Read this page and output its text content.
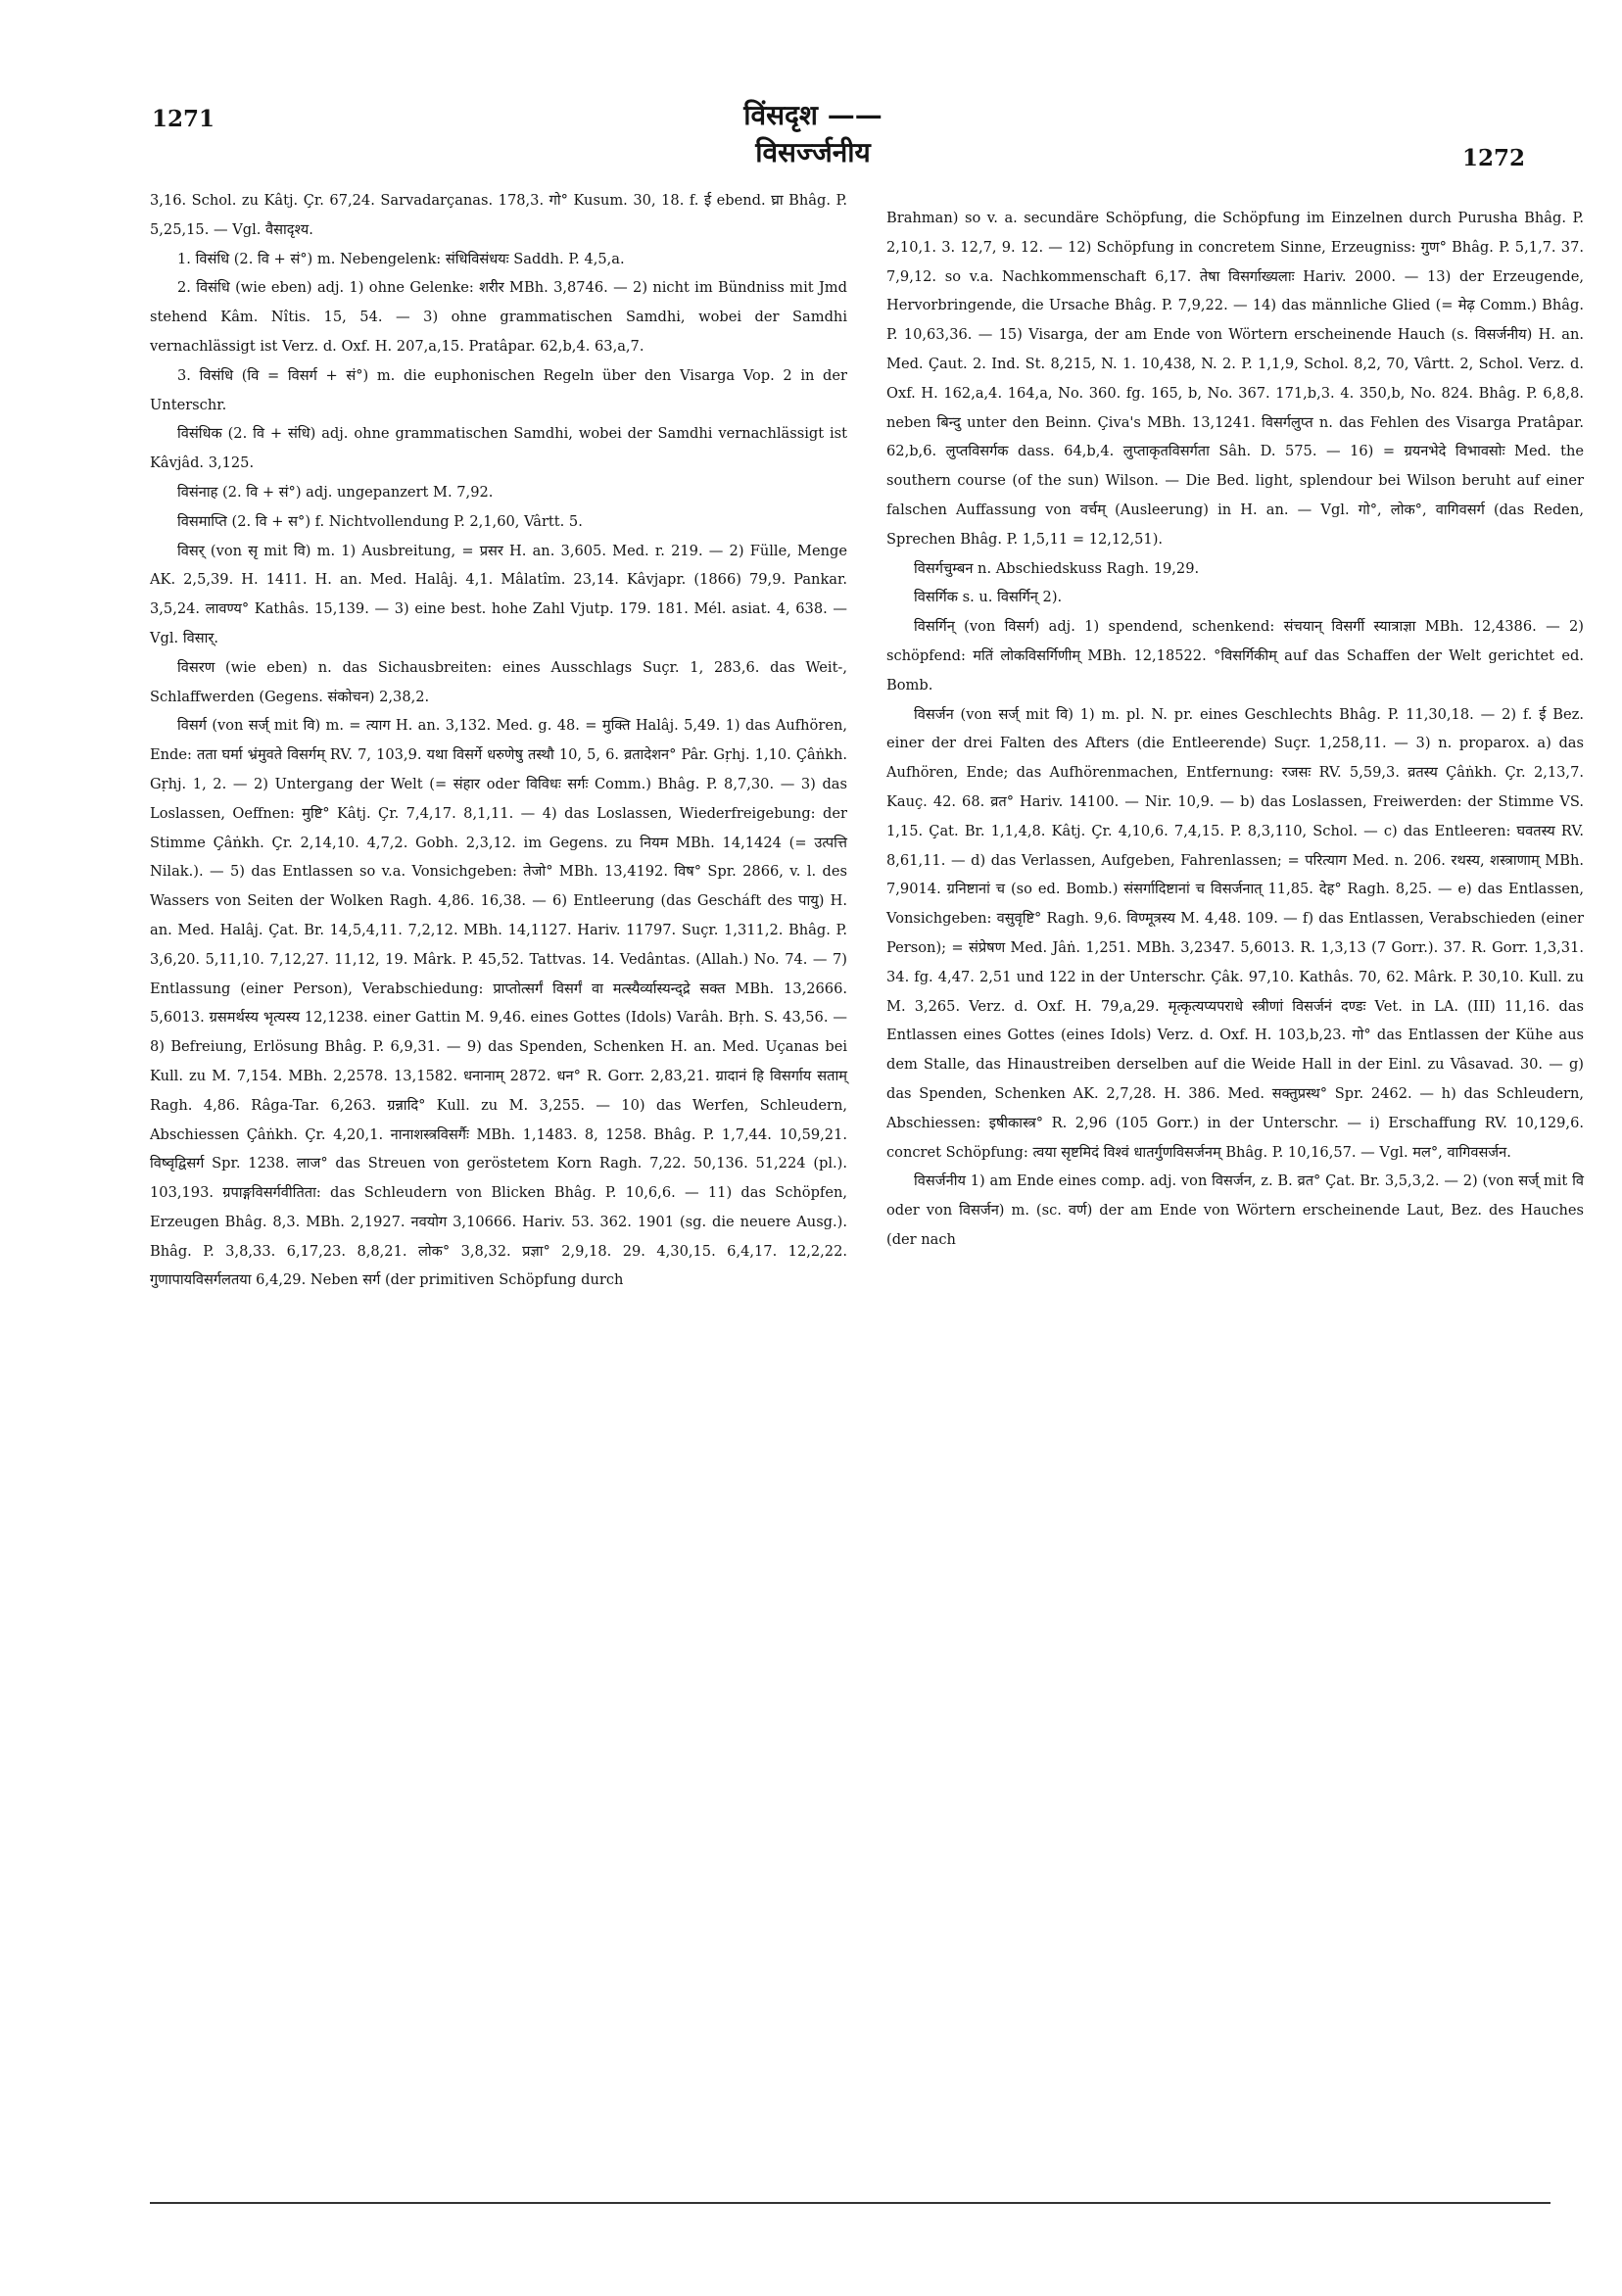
1271	विंसदृश —— विसर्ज्जनीय	1272

3,16. Schol. zu Kâtj. Çr. 67,24. Sarvadarçanas. 178,3. गो° Kusum. 30, 18. f. ई ebend. घ्रा Bhâg. P. 5,25,15. — Vgl. वैसादृश्य.

1. विसंधि (2. वि + सं°) m. Nebengelenk: संधिविसंधयः Saddh. P. 4,5,a.

2. विसंधि (wie eben) adj. 1) ohne Gelenke: शरीर MBh. 3,8746. — 2) nicht im Bündniss mit Jmd stehend Kâm. Nîtis. 15, 54. — 3) ohne grammatischen Samdhi, wobei der Samdhi vernachlässigt ist Verz. d. Oxf. H. 207,a,15. Pratâpar. 62,b,4. 63,a,7.

3. विसंधि (वि = विसर्ग + सं°) m. die euphonischen Regeln über den Visarga Vop. 2 in der Unterschr.

विसंधिक (2. वि + संधि) adj. ohne grammatischen Samdhi, wobei der Samdhi vernachlässigt ist Kâvjâd. 3,125.

विसंनाह (2. वि + सं°) adj. ungepanzert M. 7,92.

विसमाप्ति (2. वि + स°) f. Nichtvollendung P. 2,1,60, Vârtt. 5.

विसर् (von सृ mit वि) m. 1) Ausbreitung, = प्रसर H. an. 3,605. Med. r. 219. — 2) Fülle, Menge AK. 2,5,39. H. 1411. H. an. Med. Halâj. 4,1. Mâlatîm. 23,14. Kâvjapr. (1866) 79,9. Pankar. 3,5,24. लावण्य° Kathâs. 15,139. — 3) eine best. hohe Zahl Vjutp. 179. 181. Mél. asiat. 4, 638. — Vgl. विसार्.

विसरण (wie eben) n. das Sichausbreiten: eines Ausschlags Suçr. 1, 283,6. das Weit-, Schlaffwerden (Gegens. संकोचन) 2,38,2.

विसर्ग (von सर्ज् mit वि) m. = त्याग H. an. 3,132. Med. g. 48. = मुक्ति Halâj. 5,49. 1) das Aufhören, Ende: तता घर्मा भ्रंमुवते विसर्गम् RV. 7, 103,9. यथा विसर्गे धरुणेषु तस्थौ 10, 5, 6. व्रतादेशन° Pâr. Gṛhj. 1,10. Çâṅkh. Gṛhj. 1, 2. — 2) Untergang der Welt (= संहार oder विविधः सर्गः Comm.) Bhâg. P. 8,7,30. — 3) das Loslassen, Oeffnen: मुष्टि° Kâtj. Çr. 7,4,17. 8,1,11. — 4) das Loslassen, Wiederfreigebung: der Stimme Çâṅkh. Çr. 2,14,10. 4,7,2. Gobh. 2,3,12. im Gegens. zu नियम MBh. 14,1424 (= उत्पत्ति Nilak.). — 5) das Entlassen so v.a. Vonsichgeben: तेजो° MBh. 13,4192. विष° Spr. 2866, v. l. des Wassers von Seiten der Wolken Ragh. 4,86. 16,38. — 6) Entleerung (das Gescháft des पायु) H. an. Med. Halâj. Çat. Br. 14,5,4,11. 7,2,12. MBh. 14,1127. Hariv. 11797. Suçr. 1,311,2. Bhâg. P. 3,6,20. 5,11,10. 7,12,27. 11,12, 19. Mârk. P. 45,52. Tattvas. 14. Vedântas. (Allah.) No. 74. — 7) Entlassung (einer Person), Verabschiedung: प्राप्तोत्सर्गं विसर्गं वा मत्स्यैर्व्यास्यन्द्द्रे सक्त MBh. 13,2666. 5,6013. ग्रसमर्थस्य भृत्यस्य 12,1238. einer Gattin M. 9,46. eines Gottes (Idols) Varâh. Bṛh. S. 43,56. — 8) Befreiung, Erlösung Bhâg. P. 6,9,31. — 9) das Spenden, Schenken H. an. Med. Uçanas bei Kull. zu M. 7,154. MBh. 2,2578. 13,1582. धनानाम् 2872. धन° R. Gorr. 2,83,21. ग्रादानं हि विसर्गाय सताम् Ragh. 4,86. Râga-Tar. 6,263. ग्रन्नादि° Kull. zu M. 3,255. — 10) das Werfen, Schleudern, Abschiessen Çâṅkh. Çr. 4,20,1. नानाशस्त्रविसर्गैः MBh. 1,1483. 8, 1258. Bhâg. P. 1,7,44. 10,59,21. विष्वृद्विसर्ग Spr. 1238. लाज° das Streuen von geröstetem Korn Ragh. 7,22. 50,136. 51,224 (pl.). 103,193. ग्रपाङ्गविसर्गवीतिता: das Schleudern von Blicken Bhâg. P. 10,6,6. — 11) das Schöpfen, Erzeugen Bhâg. 8,3. MBh. 2,1927. नवयोग 3,10666. Hariv. 53. 362. 1901 (sg. die neuere Ausg.). Bhâg. P. 3,8,33. 6,17,23. 8,8,21. लोक° 3,8,32. प्रज्ञा° 2,9,18. 29. 4,30,15. 6,4,17. 12,2,22. गुणापायविसर्गलतया 6,4,29. Neben सर्ग (der primitiven Schöpfung durch

Brahman) so v. a. secundäre Schöpfung, die Schöpfung im Einzelnen durch Purusha Bhâg. P. 2,10,1. 3. 12,7, 9. 12. — 12) Schöpfung in concretem Sinne, Erzeugniss: गुण° Bhâg. P. 5,1,7. 37. 7,9,12. so v.a. Nachkommenschaft 6,17. तेषा विसर्गाख्यलाः Hariv. 2000. — 13) der Erzeugende, Hervorbringende, die Ursache Bhâg. P. 7,9,22. — 14) das männliche Glied (= मेढ़ Comm.) Bhâg. P. 10,63,36. — 15) Visarga, der am Ende von Wörtern erscheinende Hauch (s. विसर्जनीय) H. an. Med. Çaut. 2. Ind. St. 8,215, N. 1. 10,438, N. 2. P. 1,1,9, Schol. 8,2, 70, Vârtt. 2, Schol. Verz. d. Oxf. H. 162,a,4. 164,a, No. 360. fg. 165, b, No. 367. 171,b,3. 4. 350,b, No. 824. Bhâg. P. 6,8,8. neben बिन्दु unter den Beinn. Çiva's MBh. 13,1241. विसर्गलुप्त n. das Fehlen des Visarga Pratâpar. 62,b,6. लुप्तविसर्गक dass. 64,b,4. लुप्ताकृतविसर्गता Sâh. D. 575. — 16) = ग्रयनभेदे विभावसोः Med. the southern course (of the sun) Wilson. — Die Bed. light, splendour bei Wilson beruht auf einer falschen Auffassung von वर्चम् (Ausleerung) in H. an. — Vgl. गो°, लोक°, वागिवसर्ग (das Reden, Sprechen Bhâg. P. 1,5,11 = 12,12,51).

विसर्गचुम्बन n. Abschiedskuss Ragh. 19,29.

विसर्गिक s. u. विसर्गिन् 2).

विसर्गिन् (von विसर्ग) adj. 1) spendend, schenkend: संचयान् विसर्गी स्यात्राज्ञा MBh. 12,4386. — 2) schöpfend: मतिं लोकविसर्गिणीम् MBh. 12,18522. °विसर्गिकीम् auf das Schaffen der Welt gerichtet ed. Bomb.

विसर्जन (von सर्ज् mit वि) 1) m. pl. N. pr. eines Geschlechts Bhâg. P. 11,30,18. — 2) f. ई Bez. einer der drei Falten des Afters (die Entleerende) Suçr. 1,258,11. — 3) n. proparox. a) das Aufhören, Ende; das Aufhörenmachen, Entfernung: रजसः RV. 5,59,3. व्रतस्य Çâṅkh. Çr. 2,13,7. Kauç. 42. 68. व्रत° Hariv. 14100. — Nir. 10,9. — b) das Loslassen, Freiwerden: der Stimme VS. 1,15. Çat. Br. 1,1,4,8. Kâtj. Çr. 4,10,6. 7,4,15. P. 8,3,110, Schol. — c) das Entleeren: घवतस्य RV. 8,61,11. — d) das Verlassen, Aufgeben, Fahrenlassen; = परित्याग Med. n. 206. रथस्य, शस्त्राणाम् MBh. 7,9014. ग्रनिष्टानां च (so ed. Bomb.) संसर्गादिष्टानां च विसर्जनात् 11,85. देह° Ragh. 8,25. — e) das Entlassen, Vonsichgeben: वसुवृष्टि° Ragh. 9,6. विण्मूत्रस्य M. 4,48. 109. — f) das Entlassen, Verabschieden (einer Person); = संप्रेषण Med. Jâṅ. 1,251. MBh. 3,2347. 5,6013. R. 1,3,13 (7 Gorr.). 37. R. Gorr. 1,3,31. 34. fg. 4,47. 2,51 und 122 in der Unterschr. Çâk. 97,10. Kathâs. 70, 62. Mârk. P. 30,10. Kull. zu M. 3,265. Verz. d. Oxf. H. 79,a,29. मृत्कृत्यप्यपराधे स्त्रीणां विसर्जनं दण्डः Vet. in LA. (III) 11,16. das Entlassen eines Gottes (eines Idols) Verz. d. Oxf. H. 103,b,23. गो° das Entlassen der Kühe aus dem Stalle, das Hinaustreiben derselben auf die Weide Hall in der Einl. zu Vâsavad. 30. — g) das Spenden, Schenken AK. 2,7,28. H. 386. Med. सक्तुप्रस्थ° Spr. 2462. — h) das Schleudern, Abschiessen: इषीकास्त्र° R. 2,96 (105 Gorr.) in der Unterschr. — i) Erschaffung RV. 10,129,6. concret Schöpfung: त्वया सृष्टमिदं विश्वं धातर्गुणविसर्जनम् Bhâg. P. 10,16,57. — Vgl. मल°, वागिवसर्जन.

विसर्जनीय 1) am Ende eines comp. adj. von विसर्जन, z. B. व्रत° Çat. Br. 3,5,3,2. — 2) (von सर्ज् mit वि oder von विसर्जन) m. (sc. वर्ण) der am Ende von Wörtern erscheinende Laut, Bez. des Hauches (der nach
